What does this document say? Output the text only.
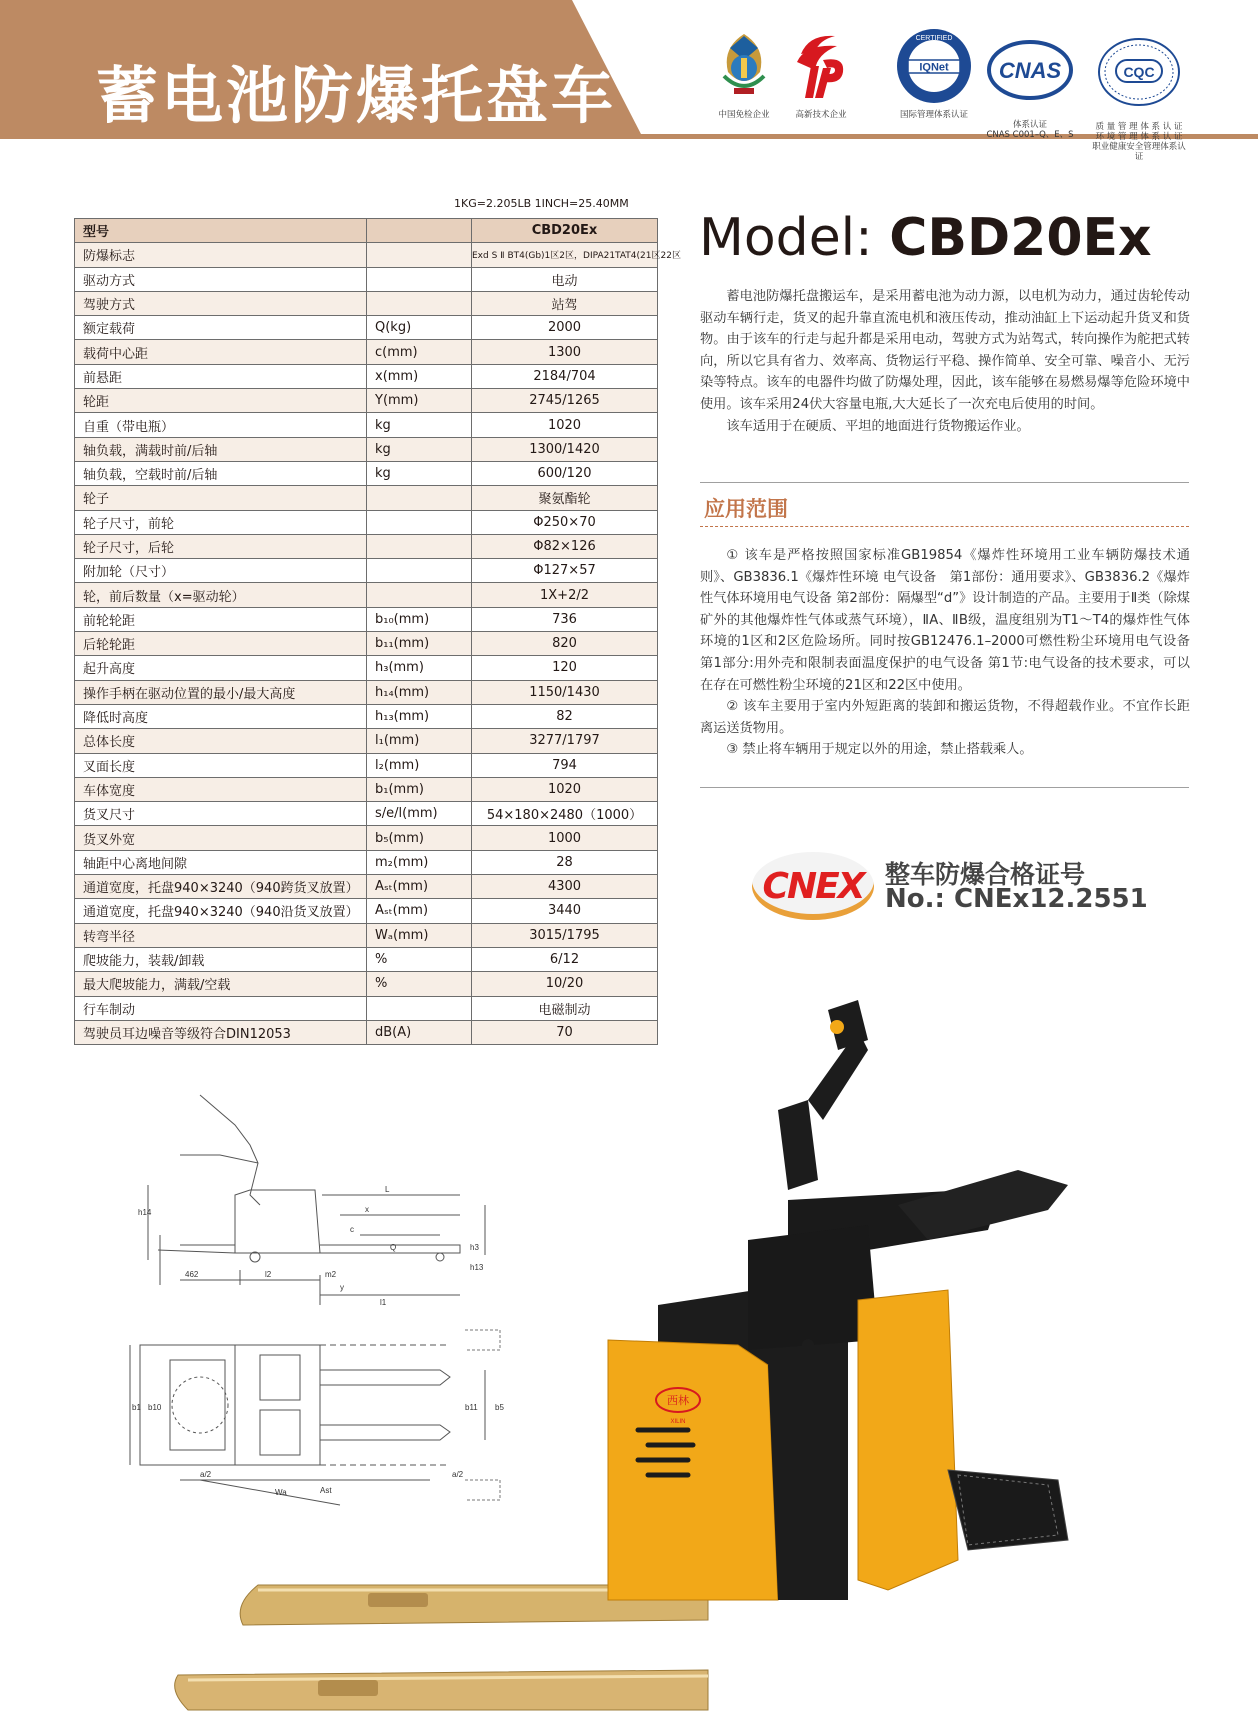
蓄电池防爆托盘车	中国免检企业	高新技术企业
IQNet
CERTIFIED
国际管理体系认证

CNAS

体系认证
CNAS C001–Q、E、S

CQC

质 量 管 理 体 系 认 证
环 境 管 理 体 系 认 证
职业健康安全管理体系认证

1KG=2.205LB 1INCH=25.40MM
型号		CBD20Ex
防爆标志		Exd S Ⅱ BT4(Gb)1区2区，DIPA21TAT4(21区22区
驱动方式		电动
驾驶方式		站驾
额定载荷	Q(kg)	2000
载荷中心距	c(mm)	1300
前悬距	x(mm)	2184/704
轮距	Y(mm)	2745/1265
自重（带电瓶）	kg	1020
轴负载，满载时前/后轴	kg	1300/1420
轴负载，空载时前/后轴	kg	600/120
轮子		聚氨酯轮
轮子尺寸，前轮		Φ250×70
轮子尺寸，后轮		Φ82×126
附加轮（尺寸）		Φ127×57
轮，前后数量（x=驱动轮）		1X+2/2
前轮轮距	b₁₀(mm)	736
后轮轮距	b₁₁(mm)	820
起升高度	h₃(mm)	120
操作手柄在驱动位置的最小/最大高度	h₁₄(mm)	1150/1430
降低时高度	h₁₃(mm)	82
总体长度	l₁(mm)	3277/1797
叉面长度	l₂(mm)	794
车体宽度	b₁(mm)	1020
货叉尺寸	s/e/l(mm)	54×180×2480（1000）
货叉外宽	b₅(mm)	1000
轴距中心离地间隙	m₂(mm)	28
通道宽度，托盘940×3240（940跨货叉放置）	Aₛₜ(mm)	4300
通道宽度，托盘940×3240（940沿货叉放置）	Aₛₜ(mm)	3440
转弯半径	Wₐ(mm)	3015/1795
爬坡能力，装载/卸载	%	6/12
最大爬坡能力，满载/空载	%	10/20
行车制动		电磁制动
驾驶员耳边噪音等级符合DIN12053	dB(A)	70
Model: CBD20Ex

蓄电池防爆托盘搬运车，是采用蓄电池为动力源，以电机为动力，通过齿轮传动驱动车辆行走，货叉的起升靠直流电机和液压传动，推动油缸上下运动起升货叉和货物。由于该车的行走与起升都是采用电动，驾驶方式为站驾式，转向操作为舵把式转向，所以它具有省力、效率高、货物运行平稳、操作简单、安全可靠、噪音小、无污染等特点。该车的电器件均做了防爆处理，因此，该车能够在易燃易爆等危险环境中使用。该车采用24伏大容量电瓶,大大延长了一次充电后使用的时间。

该车适用于在硬质、平坦的地面进行货物搬运作业。

应用范围

① 该车是严格按照国家标准GB19854《爆炸性环境用工业车辆防爆技术通则》、GB3836.1《爆炸性环境 电气设备　第1部份：通用要求》、GB3836.2《爆炸性气体环境用电气设备 第2部份：隔爆型“d”》设计制造的产品。主要用于Ⅱ类（除煤矿外的其他爆炸性气体或蒸气环境），ⅡA、ⅡB级，温度组别为T1～T4的爆炸性气体环境的1区和2区危险场所。同时按GB12476.1–2000可燃性粉尘环境用电气设备 第1部分:用外壳和限制表面温度保护的电气设备 第1节:电气设备的技术要求，可以在存在可燃性粉尘环境的21区和22区中使用。

② 该车主要用于室内外短距离的装卸和搬运货物，不得超载作业。不宜作长距离运送货物用。

③ 禁止将车辆用于规定以外的用途，禁止搭载乘人。

CNEX 整车防爆合格证号
No.: CNEx12.2551
h14
L
x
c
Q	h3
h13
462	l2	m2
y
l1
b1 b10	b11 b5
a/2
Wa	Ast
a/2
西林
XILIN
